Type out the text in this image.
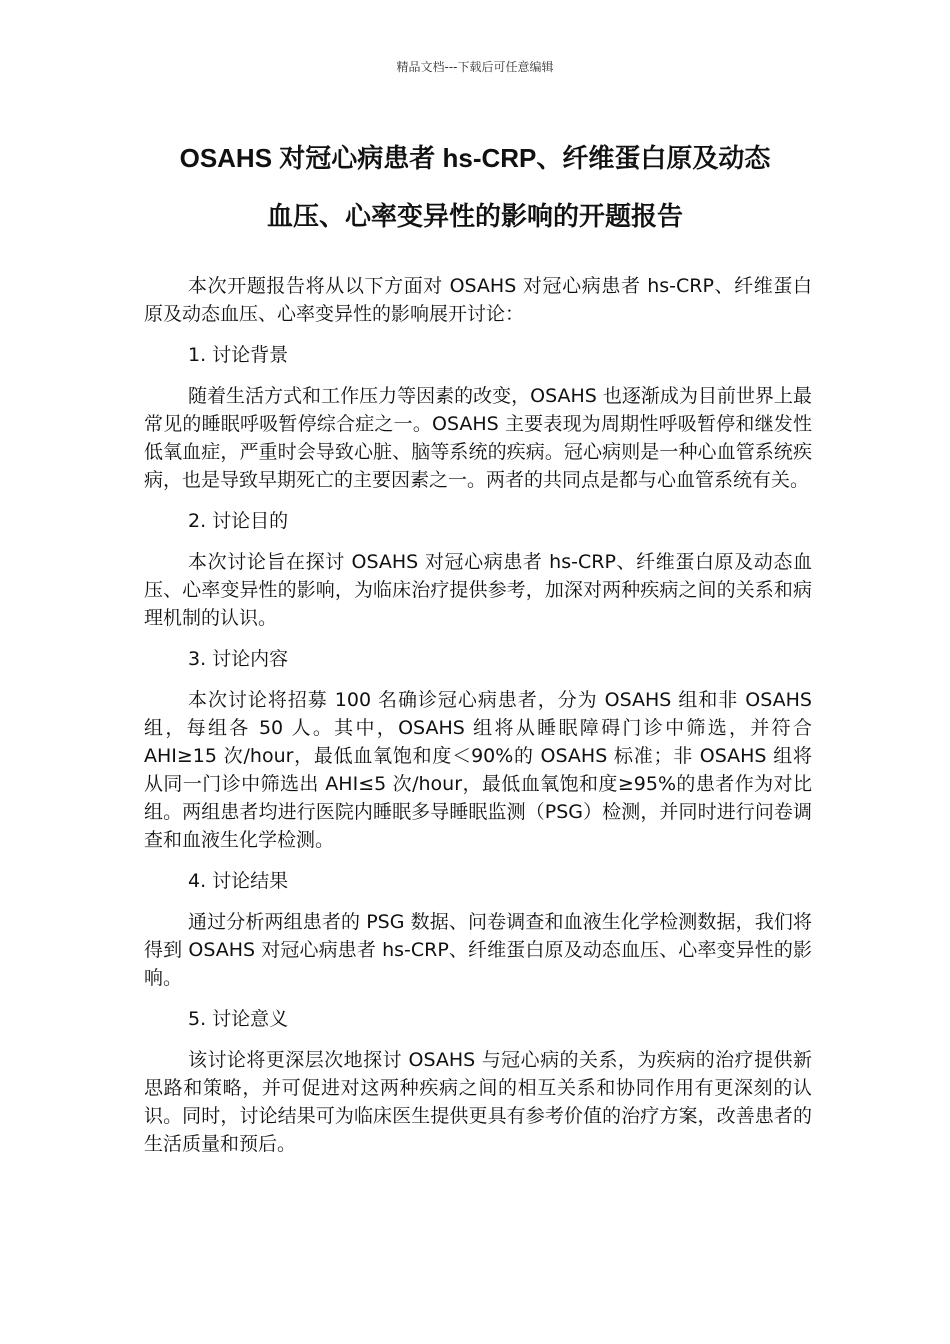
精品文档---下载后可任意编辑
OSAHS 对冠心病患者 hs-CRP、纤维蛋白原及动态
血压、心率变异性的影响的开题报告

本次开题报告将从以下方面对 OSAHS 对冠心病患者 hs-CRP、纤维蛋白原及动态血压、心率变异性的影响展开讨论：

1. 讨论背景

随着生活方式和工作压力等因素的改变，OSAHS 也逐渐成为目前世界上最常见的睡眠呼吸暂停综合症之一。OSAHS 主要表现为周期性呼吸暂停和继发性低氧血症，严重时会导致心脏、脑等系统的疾病。冠心病则是一种心血管系统疾病，也是导致早期死亡的主要因素之一。两者的共同点是都与心血管系统有关。

2. 讨论目的

本次讨论旨在探讨 OSAHS 对冠心病患者 hs-CRP、纤维蛋白原及动态血压、心率变异性的影响，为临床治疗提供参考，加深对两种疾病之间的关系和病理机制的认识。

3. 讨论内容

本次讨论将招募 100 名确诊冠心病患者，分为 OSAHS 组和非 OSAHS 组，每组各 50 人。其中，OSAHS 组将从睡眠障碍门诊中筛选，并符合 AHI≥15 次/hour，最低血氧饱和度＜90%的 OSAHS 标准；非 OSAHS 组将从同一门诊中筛选出 AHI≤5 次/hour，最低血氧饱和度≥95%的患者作为对比组。两组患者均进行医院内睡眠多导睡眠监测（PSG）检测，并同时进行问卷调查和血液生化学检测。

4. 讨论结果

通过分析两组患者的 PSG 数据、问卷调查和血液生化学检测数据，我们将得到 OSAHS 对冠心病患者 hs-CRP、纤维蛋白原及动态血压、心率变异性的影响。

5. 讨论意义

该讨论将更深层次地探讨 OSAHS 与冠心病的关系，为疾病的治疗提供新思路和策略，并可促进对这两种疾病之间的相互关系和协同作用有更深刻的认识。同时，讨论结果可为临床医生提供更具有参考价值的治疗方案，改善患者的生活质量和预后。
